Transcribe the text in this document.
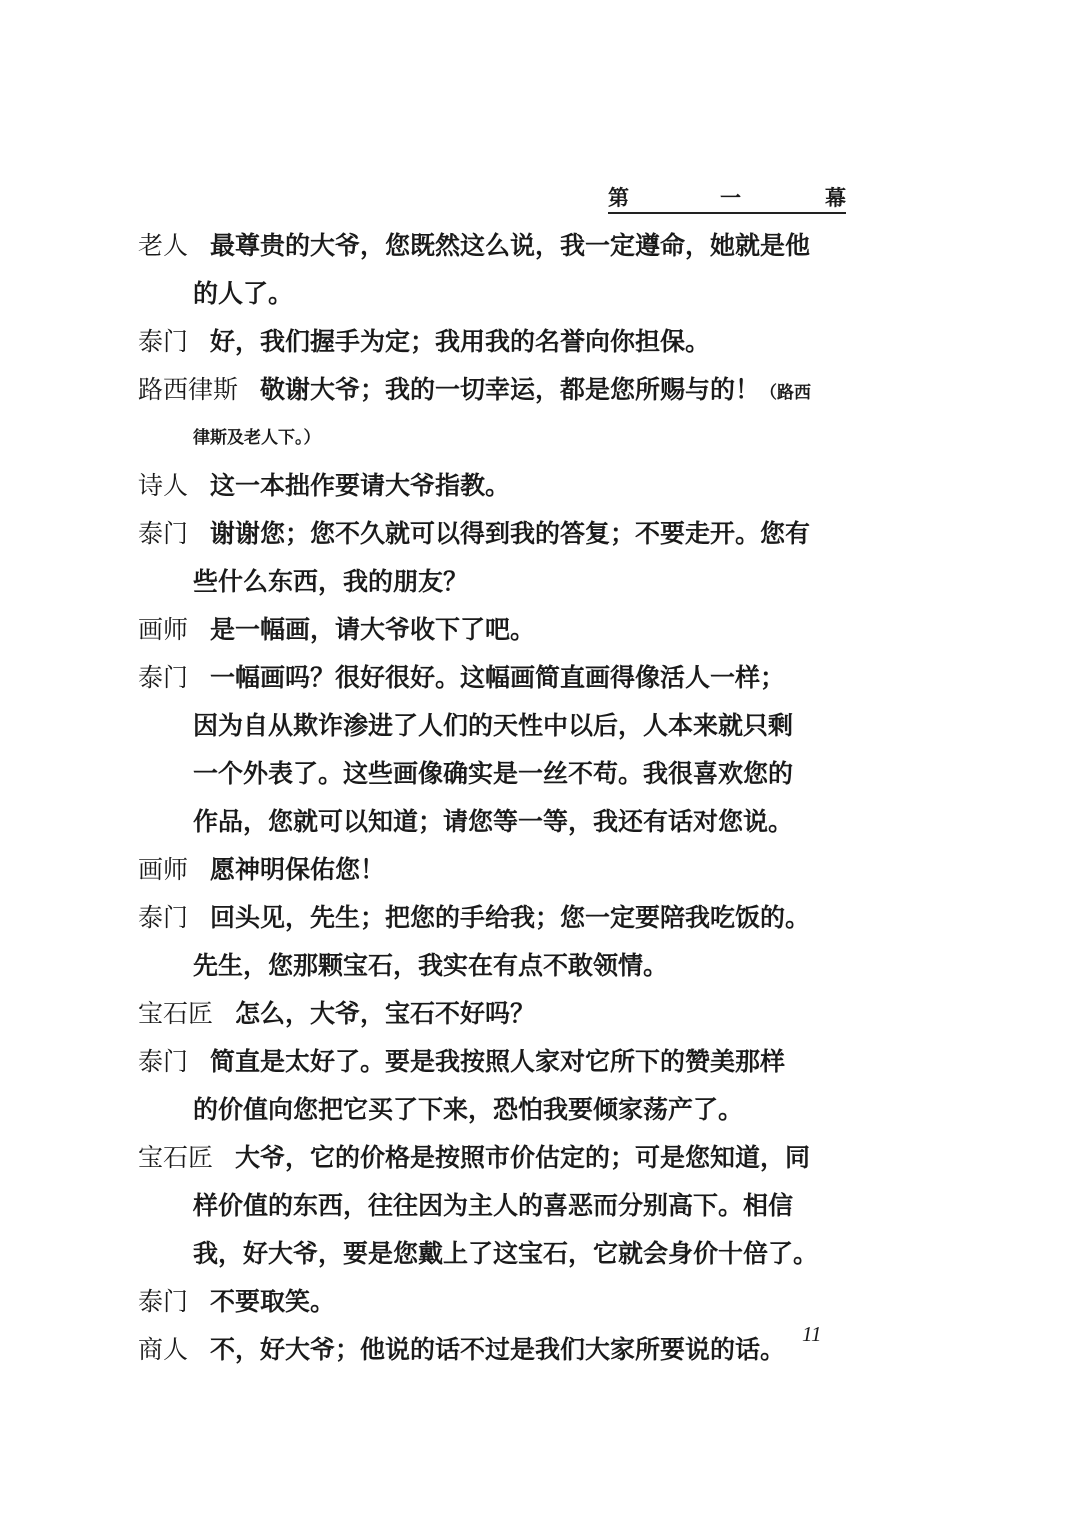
第	一	幕
老人 最尊贵的大爷，您既然这么说，我一定遵命，她就是他
的人了。
泰门 好，我们握手为定；我用我的名誉向你担保。
路西律斯 敬谢大爷；我的一切幸运，都是您所赐与的！（路西
律斯及老人下。）
诗人 这一本拙作要请大爷指教。
泰门 谢谢您；您不久就可以得到我的答复；不要走开。您有
些什么东西，我的朋友？
画师 是一幅画，请大爷收下了吧。
泰门 一幅画吗？很好很好。这幅画简直画得像活人一样；
因为自从欺诈渗进了人们的天性中以后，人本来就只剩
一个外表了。这些画像确实是一丝不苟。我很喜欢您的
作品，您就可以知道；请您等一等，我还有话对您说。
画师 愿神明保佑您！
泰门 回头见，先生；把您的手给我；您一定要陪我吃饭的。
先生，您那颗宝石，我实在有点不敢领情。
宝石匠 怎么，大爷，宝石不好吗？
泰门 简直是太好了。要是我按照人家对它所下的赞美那样
的价值向您把它买了下来，恐怕我要倾家荡产了。
宝石匠 大爷，它的价格是按照市价估定的；可是您知道，同
样价值的东西，往往因为主人的喜恶而分别高下。相信
我，好大爷，要是您戴上了这宝石，它就会身价十倍了。
泰门 不要取笑。
商人 不，好大爷；他说的话不过是我们大家所要说的话。
11
